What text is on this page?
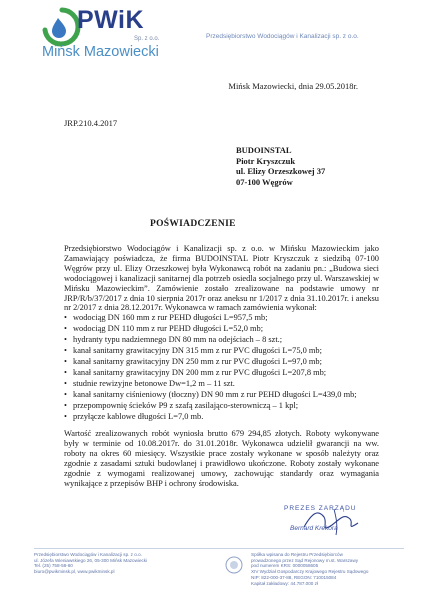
PWiK
Sp. z o.o.
Mińsk Mazowiecki
Przedsiębiorstwo Wodociągów i Kanalizacji sp. z o.o.
Mińsk Mazowiecki, dnia 29.05.2018r.
JRP.210.4.2017
BUDOINSTAL
Piotr Kryszczuk
ul. Elizy Orzeszkowej 37
07-100 Węgrów
POŚWIADCZENIE

Przedsiębiorstwo Wodociągów i Kanalizacji sp. z o.o. w Mińsku Mazowieckim jako Zamawiający poświadcza, że firma BUDOINSTAL Piotr Kryszczuk z siedzibą 07-100 Węgrów przy ul. Elizy Orzeszkowej była Wykonawcą robót na zadaniu pn.: „Budowa sieci wodociągowej i kanalizacji sanitarnej dla potrzeb osiedla socjalnego przy ul. Warszawskiej w Mińsku Mazowieckim”. Zamówienie zostało zrealizowane na podstawie umowy nr JRP/R/b/37/2017 z dnia 10 sierpnia 2017r oraz aneksu nr 1/2017 z dnia 31.10.2017r. i aneksu nr 2/2017 z dnia 28.12.2017r. Wykonawca w ramach zamówienia wykonał:

• wodociąg DN 160 mm z rur PEHD długości L=957,5 mb;
• wodociąg DN 110 mm z rur PEHD długości L=52,0 mb;
• hydranty typu nadziemnego DN 80 mm na odejściach – 8 szt.;
• kanał sanitarny grawitacyjny DN 315 mm z rur PVC długości L=75,0 mb;
• kanał sanitarny grawitacyjny DN 250 mm z rur PVC długości L=97,0 mb;
• kanał sanitarny grawitacyjny DN 200 mm z rur PVC długości L=207,8 mb;
• studnie rewizyjne betonowe Dw=1,2 m – 11 szt.
• kanał sanitarny ciśnieniowy (tłoczny) DN 90 mm z rur PEHD długości L=439,0 mb;
• przepompownię ścieków P9 z szafą zasilająco-sterowniczą – 1 kpl;
• przyłącze kablowe długości L=7,0 mb.

Wartość zrealizowanych robót wyniosła brutto 679 294,85 złotych. Roboty wykonywane były w terminie od 10.08.2017r. do 31.01.2018r. Wykonawca udzielił gwarancji na ww. roboty na okres 60 miesięcy. Wszystkie prace zostały wykonane w sposób należyty oraz zgodnie z zasadami sztuki budowlanej i prawidłowo ukończone. Roboty zostały wykonane zgodnie z wymogami realizowanej umowy, zachowując standardy oraz wymagania wynikające z przepisów BHP i ochrony środowiska.

PREZES ZARZĄDU
Bernard Krekora
Przedsiębiorstwo Wodociągów i Kanalizacji sp. z o.o.
ul. Józefa Wieniawskiego 26, 05-300 Mińsk Mazowiecki
Tel. (25) 758-58-60
biuro@pwikminsk.pl, www.pwikminsk.pl
Spółka wpisana do Rejestru Przedsiębiorców
prowadzonego przez Sąd Rejonowy m.st. Warszawy
pod numerem KRS: 0000058605
XIV Wydział Gospodarczy Krajowego Rejestru Sądowego
NIP: 822-000-37-88, REGON: 710015084
Kapitał zakładowy: 44.787.000 zł
